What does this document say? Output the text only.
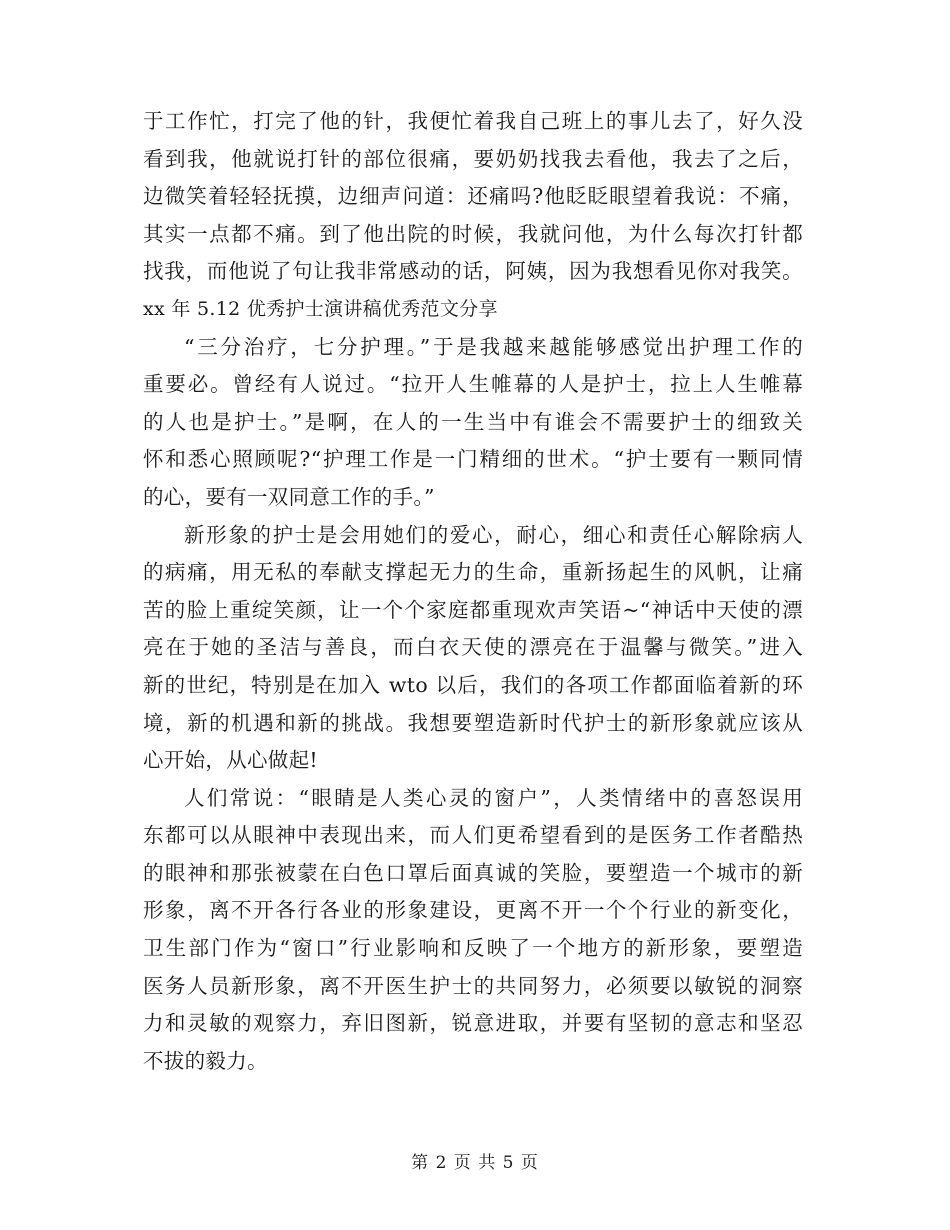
于工作忙，打完了他的针，我便忙着我自己班上的事儿去了，好久没
看到我，他就说打针的部位很痛，要奶奶找我去看他，我去了之后，
边微笑着轻轻抚摸，边细声问道：还痛吗?他眨眨眼望着我说：不痛，
其实一点都不痛。到了他出院的时候，我就问他，为什么每次打针都
找我，而他说了句让我非常感动的话，阿姨，因为我想看见你对我笑。
xx 年 5.12 优秀护士演讲稿优秀范文分享
“三分治疗，七分护理。”于是我越来越能够感觉出护理工作的
重要必。曾经有人说过。“拉开人生帷幕的人是护士，拉上人生帷幕
的人也是护士。”是啊，在人的一生当中有谁会不需要护士的细致关
怀和悉心照顾呢?“护理工作是一门精细的世术。“护士要有一颗同情
的心，要有一双同意工作的手。”
新形象的护士是会用她们的爱心，耐心，细心和责任心解除病人
的病痛，用无私的奉献支撑起无力的生命，重新扬起生的风帆，让痛
苦的脸上重绽笑颜，让一个个家庭都重现欢声笑语~“神话中天使的漂
亮在于她的圣洁与善良，而白衣天使的漂亮在于温馨与微笑。”进入
新的世纪，特别是在加入 wto 以后，我们的各项工作都面临着新的环
境，新的机遇和新的挑战。我想要塑造新时代护士的新形象就应该从
心开始，从心做起!
人们常说：“眼睛是人类心灵的窗户”，人类情绪中的喜怒误用
东都可以从眼神中表现出来，而人们更希望看到的是医务工作者酷热
的眼神和那张被蒙在白色口罩后面真诚的笑脸，要塑造一个城市的新
形象，离不开各行各业的形象建设，更离不开一个个行业的新变化，
卫生部门作为“窗口”行业影响和反映了一个地方的新形象，要塑造
医务人员新形象，离不开医生护士的共同努力，必须要以敏锐的洞察
力和灵敏的观察力，弃旧图新，锐意进取，并要有坚韧的意志和坚忍
不拔的毅力。
第 2 页 共 5 页
